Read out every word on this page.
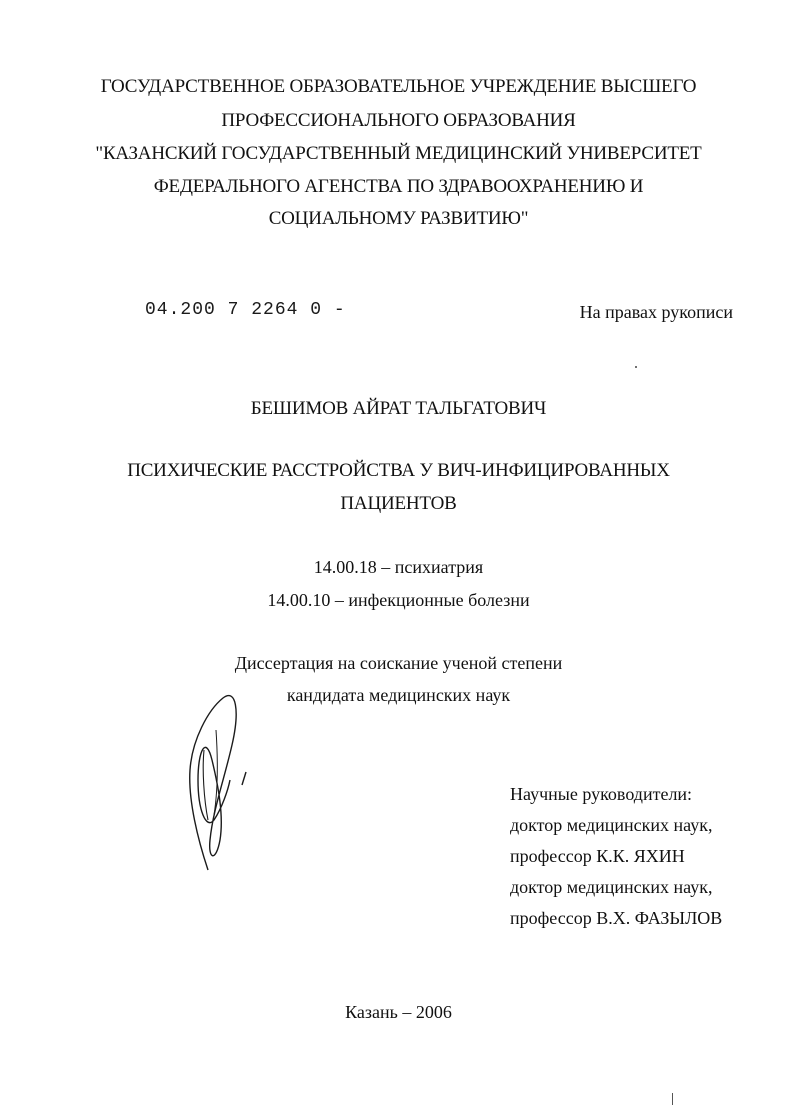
ГОСУДАРСТВЕННОЕ ОБРАЗОВАТЕЛЬНОЕ УЧРЕЖДЕНИЕ ВЫСШЕГО
ПРОФЕССИОНАЛЬНОГО ОБРАЗОВАНИЯ
"КАЗАНСКИЙ ГОСУДАРСТВЕННЫЙ МЕДИЦИНСКИЙ УНИВЕРСИТЕТ
ФЕДЕРАЛЬНОГО АГЕНСТВА ПО ЗДРАВООХРАНЕНИЮ И
СОЦИАЛЬНОМУ РАЗВИТИЮ"
04.200 7 2264 0 -	На правах рукописи
БЕШИМОВ АЙРАТ ТАЛЬГАТОВИЧ
ПСИХИЧЕСКИЕ РАССТРОЙСТВА У ВИЧ-ИНФИЦИРОВАННЫХ
ПАЦИЕНТОВ
14.00.18 – психиатрия
14.00.10 – инфекционные болезни
Диссертация на соискание ученой степени
кандидата медицинских наук
Научные руководители:
доктор медицинских наук,
профессор К.К. ЯХИН
доктор медицинских наук,
профессор В.Х. ФАЗЫЛОВ
Казань – 2006
